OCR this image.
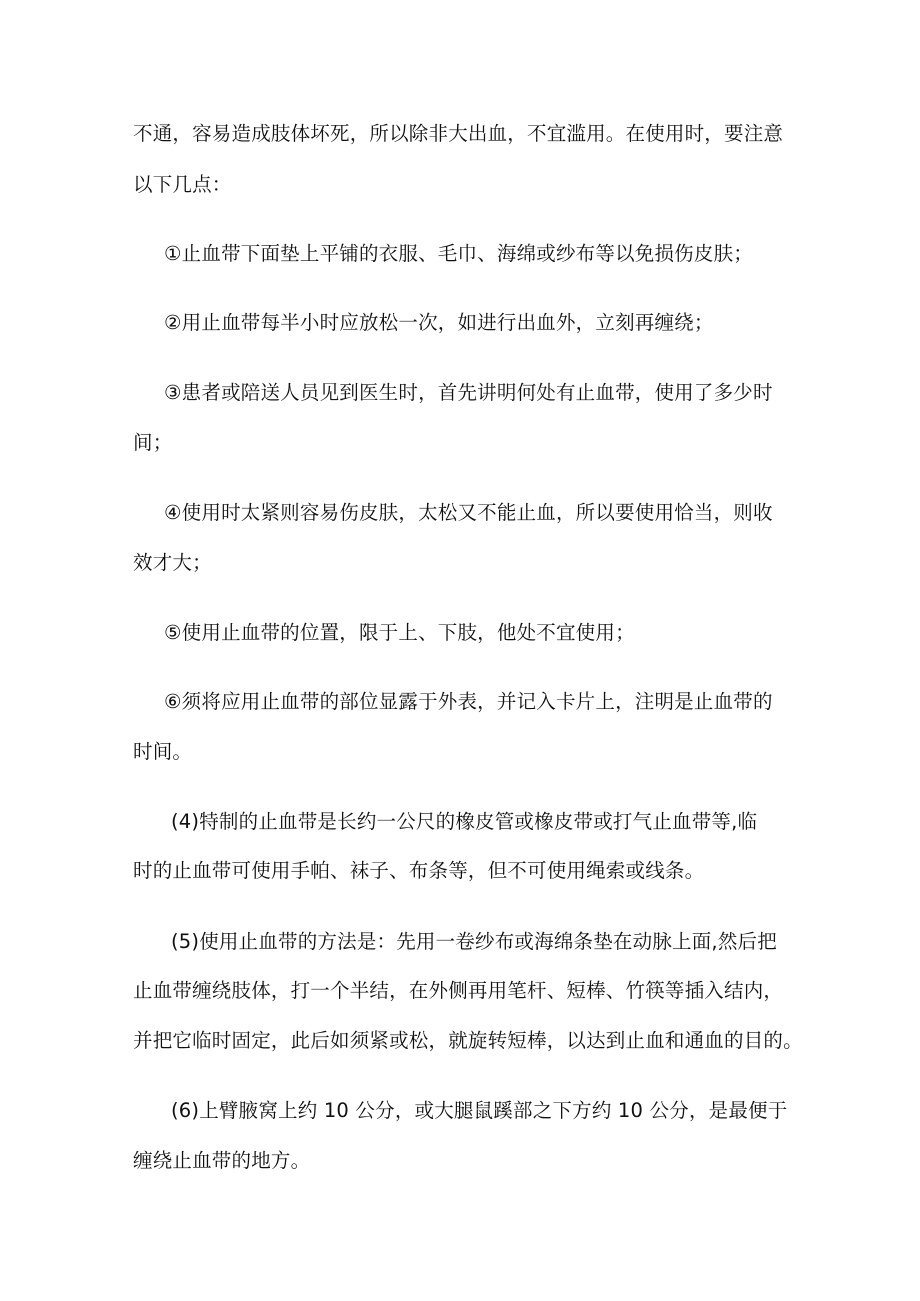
不通，容易造成肢体坏死，所以除非大出血，不宜滥用。在使用时，要注意
以下几点：
①止血带下面垫上平铺的衣服、毛巾、海绵或纱布等以免损伤皮肤；
②用止血带每半小时应放松一次，如进行出血外，立刻再缠绕；
③患者或陪送人员见到医生时，首先讲明何处有止血带，使用了多少时
间；
④使用时太紧则容易伤皮肤，太松又不能止血，所以要使用恰当，则收
效才大；
⑤使用止血带的位置，限于上、下肢，他处不宜使用；
⑥须将应用止血带的部位显露于外表，并记入卡片上，注明是止血带的
时间。
(4)特制的止血带是长约一公尺的橡皮管或橡皮带或打气止血带等,临
时的止血带可使用手帕、袜子、布条等，但不可使用绳索或线条。
(5)使用止血带的方法是：先用一卷纱布或海绵条垫在动脉上面,然后把
止血带缠绕肢体，打一个半结，在外侧再用笔杆、短棒、竹筷等插入结内，
并把它临时固定，此后如须紧或松，就旋转短棒，以达到止血和通血的目的。
(6)上臂腋窝上约 10 公分，或大腿鼠蹊部之下方约 10 公分，是最便于
缠绕止血带的地方。
